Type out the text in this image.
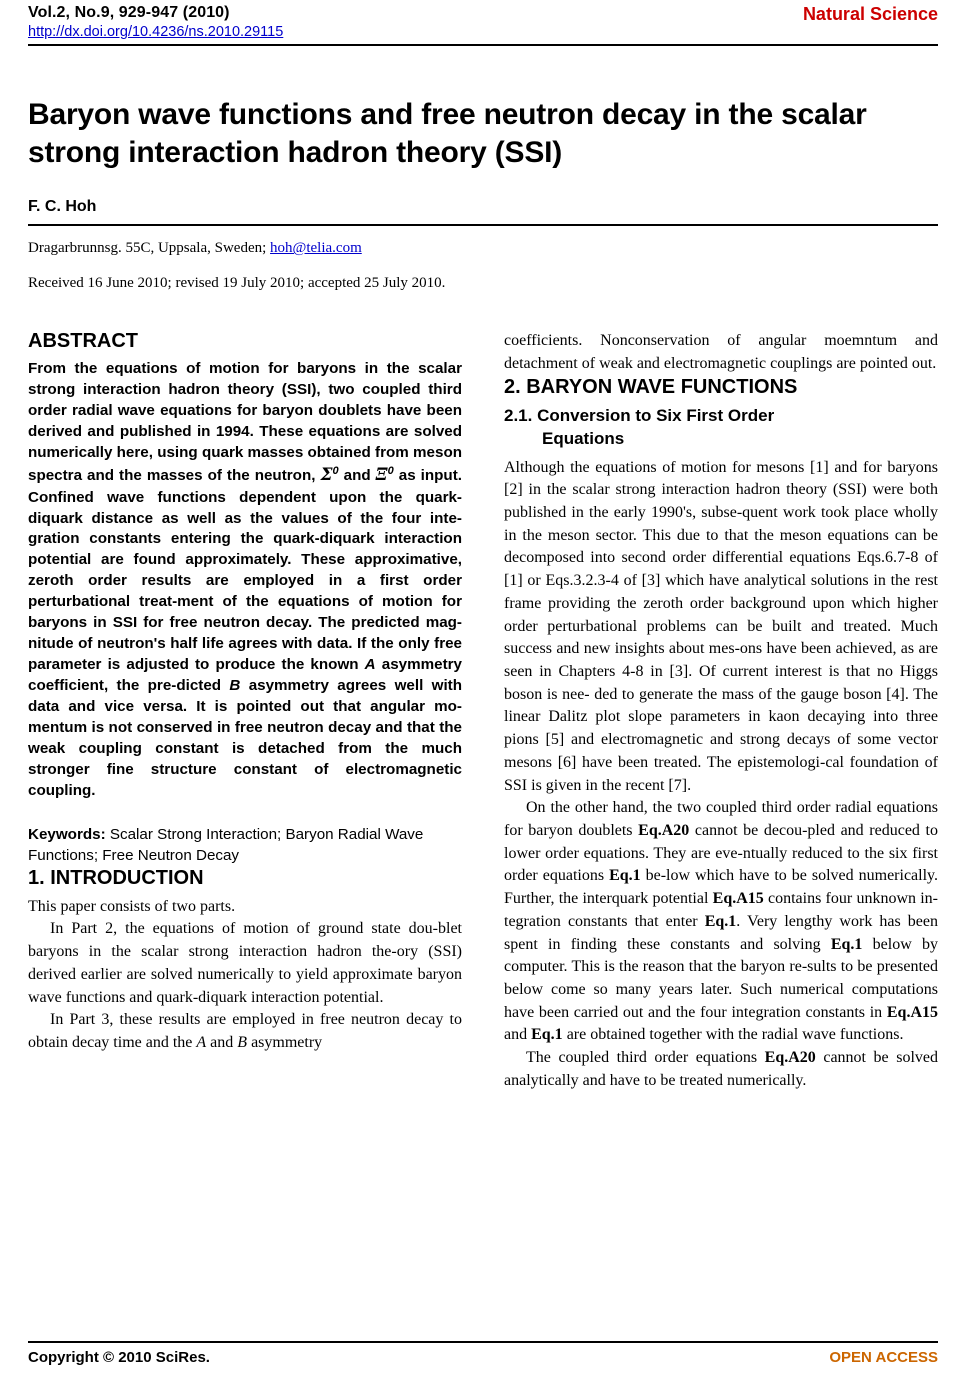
Vol.2, No.9, 929-947 (2010)
http://dx.doi.org/10.4236/ns.2010.29115
Natural Science
Baryon wave functions and free neutron decay in the scalar strong interaction hadron theory (SSI)
F. C. Hoh
Dragarbrunnsg. 55C, Uppsala, Sweden; hoh@telia.com
Received 16 June 2010; revised 19 July 2010; accepted 25 July 2010.
ABSTRACT

From the equations of motion for baryons in the scalar strong interaction hadron theory (SSI), two coupled third order radial wave equations for baryon doublets have been derived and published in 1994. These equations are solved numerically here, using quark masses obtained from meson spectra and the masses of the neutron, $\Sigma^0$ and $\Xi^0$ as input. Confined wave functions dependent upon the quark-diquark distance as well as the values of the four inte-gration constants entering the quark-diquark interaction potential are found approximately. These approximative, zeroth order results are employed in a first order perturbational treat-ment of the equations of motion for baryons in SSI for free neutron decay. The predicted mag-nitude of neutron's half life agrees with data. If the only free parameter is adjusted to produce the known A asymmetry coefficient, the pre-dicted B asymmetry agrees well with data and vice versa. It is pointed out that angular mo-mentum is not conserved in free neutron decay and that the weak coupling constant is detached from the much stronger fine structure constant of electromagnetic coupling.

Keywords: Scalar Strong Interaction; Baryon Radial Wave Functions; Free Neutron Decay
1. INTRODUCTION

This paper consists of two parts.

In Part 2, the equations of motion of ground state dou-blet baryons in the scalar strong interaction hadron the-ory (SSI) derived earlier are solved numerically to yield approximate baryon wave functions and quark-diquark interaction potential.

In Part 3, these results are employed in free neutron decay to obtain decay time and the A and B asymmetry

coefficients. Nonconservation of angular moemntum and detachment of weak and electromagnetic couplings are pointed out.

2. BARYON WAVE FUNCTIONS
2.1. Conversion to Six First Order
Equations

Although the equations of motion for mesons [1] and for baryons [2] in the scalar strong interaction hadron theory (SSI) were both published in the early 1990's, subse-quent work took place wholly in the meson sector. This due to that the meson equations can be decomposed into second order differential equations Eqs.6.7-8 of [1] or Eqs.3.2.3-4 of [3] which have analytical solutions in the rest frame providing the zeroth order background upon which higher order perturbational problems can be built and treated. Much success and new insights about mes-ons have been achieved, as are seen in Chapters 4-8 in [3]. Of current interest is that no Higgs boson is nee- ded to generate the mass of the gauge boson [4]. The linear Dalitz plot slope parameters in kaon decaying into three pions [5] and electromagnetic and strong decays of some vector mesons [6] have been treated. The epistemologi-cal foundation of SSI is given in the recent [7].

On the other hand, the two coupled third order radial equations for baryon doublets Eq.A20 cannot be decou-pled and reduced to lower order equations. They are eve-ntually reduced to the six first order equations Eq.1 be-low which have to be solved numerically. Further, the interquark potential Eq.A15 contains four unknown in-tegration constants that enter Eq.1. Very lengthy work has been spent in finding these constants and solving Eq.1 below by computer. This is the reason that the baryon re-sults to be presented below come so many years later. Such numerical computations have been carried out and the four integration constants in Eq.A15 and Eq.1 are obtained together with the radial wave functions.

The coupled third order equations Eq.A20 cannot be solved analytically and have to be treated numerically.

Copyright © 2010 SciRes.	OPEN ACCESS
